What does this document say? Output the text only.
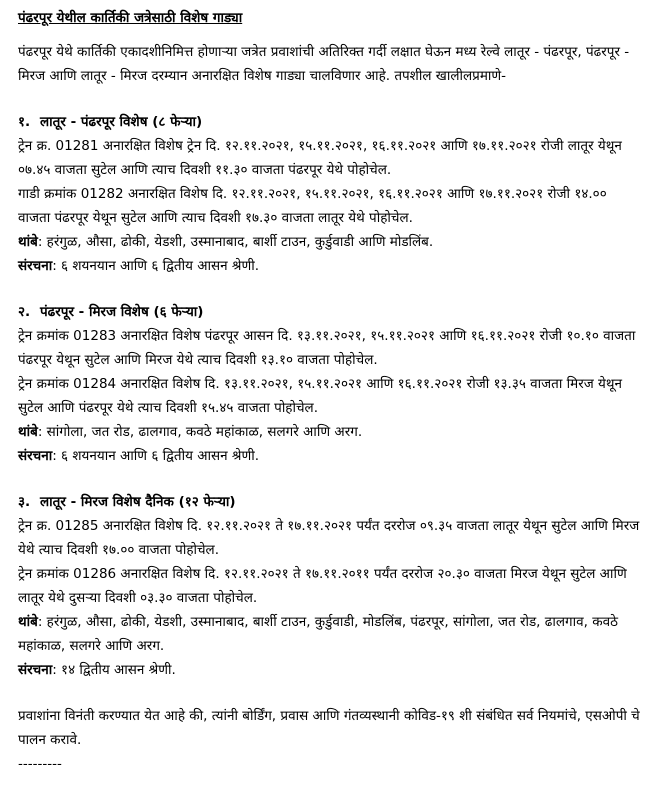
पंढरपूर येथील कार्तिकी जत्रेसाठी विशेष गाड्या

पंढरपूर येथे कार्तिकी एकादशीनिमित्त होणाऱ्या जत्रेत प्रवाशांची अतिरिक्त गर्दी लक्षात घेऊन मध्य रेल्वे लातूर - पंढरपूर, पंढरपूर - मिरज आणि लातूर - मिरज दरम्यान अनारक्षित विशेष गाड्या चालविणार आहे. तपशील खालीलप्रमाणे-

१. लातूर - पंढरपूर विशेष (८ फेऱ्या)

ट्रेन क्र. 01281 अनारक्षित विशेष ट्रेन दि. १२.११.२०२१, १५.११.२०२१, १६.११.२०२१ आणि १७.११.२०२१ रोजी लातूर येथून ०७.४५ वाजता सुटेल आणि त्याच दिवशी ११.३० वाजता पंढरपूर येथे पोहोचेल.

गाडी क्रमांक 01282 अनारक्षित विशेष दि. १२.११.२०२१, १५.११.२०२१, १६.११.२०२१ आणि १७.११.२०२१ रोजी १४.०० वाजता पंढरपूर येथून सुटेल आणि त्याच दिवशी १७.३० वाजता लातूर येथे पोहोचेल.

थांबे: हरंगुळ, औसा, ढोकी, येडशी, उस्मानाबाद, बार्शी टाउन, कुर्डुवाडी आणि मोडलिंब.

संरचना: ६ शयनयान आणि ६ द्वितीय आसन श्रेणी.

२. पंढरपूर - मिरज विशेष (६ फेऱ्या)

ट्रेन क्रमांक 01283 अनारक्षित विशेष पंढरपूर आसन दि. १३.११.२०२१, १५.११.२०२१ आणि १६.११.२०२१ रोजी १०.१० वाजता पंढरपूर येथून सुटेल आणि मिरज येथे त्याच दिवशी १३.१० वाजता पोहोचेल.

ट्रेन क्रमांक 01284 अनारक्षित विशेष दि. १३.११.२०२१, १५.११.२०२१ आणि १६.११.२०२१ रोजी १३.३५ वाजता मिरज येथून सुटेल आणि पंढरपूर येथे त्याच दिवशी १५.४५ वाजता पोहोचेल.

थांबे: सांगोला, जत रोड, ढालगाव, कवठे महांकाळ, सलगरे आणि अरग.

संरचना: ६ शयनयान आणि ६ द्वितीय आसन श्रेणी.

३. लातूर - मिरज विशेष दैनिक (१२ फेऱ्या)

ट्रेन क्र. 01285 अनारक्षित विशेष दि. १२.११.२०२१ ते १७.११.२०२१ पर्यंत दररोज ०९.३५ वाजता लातूर येथून सुटेल आणि मिरज येथे त्याच दिवशी १७.०० वाजता पोहोचेल.

ट्रेन क्रमांक 01286 अनारक्षित विशेष दि. १२.११.२०२१ ते १७.११.२०११ पर्यंत दररोज २०.३० वाजता मिरज येथून सुटेल आणि लातूर येथे दुसऱ्या दिवशी ०३.३० वाजता पोहोचेल.

थांबे: हरंगुळ, औसा, ढोकी, येडशी, उस्मानाबाद, बार्शी टाउन, कुर्डुवाडी, मोडलिंब, पंढरपूर, सांगोला, जत रोड, ढालगाव, कवठे महांकाळ, सलगरे आणि अरग.

संरचना: १४ द्वितीय आसन श्रेणी.

प्रवाशांना विनंती करण्यात येत आहे की, त्यांनी बोर्डिंग, प्रवास आणि गंतव्यस्थानी कोविड-१९ शी संबंधित सर्व नियमांचे, एसओपी चे पालन करावे.

---------
